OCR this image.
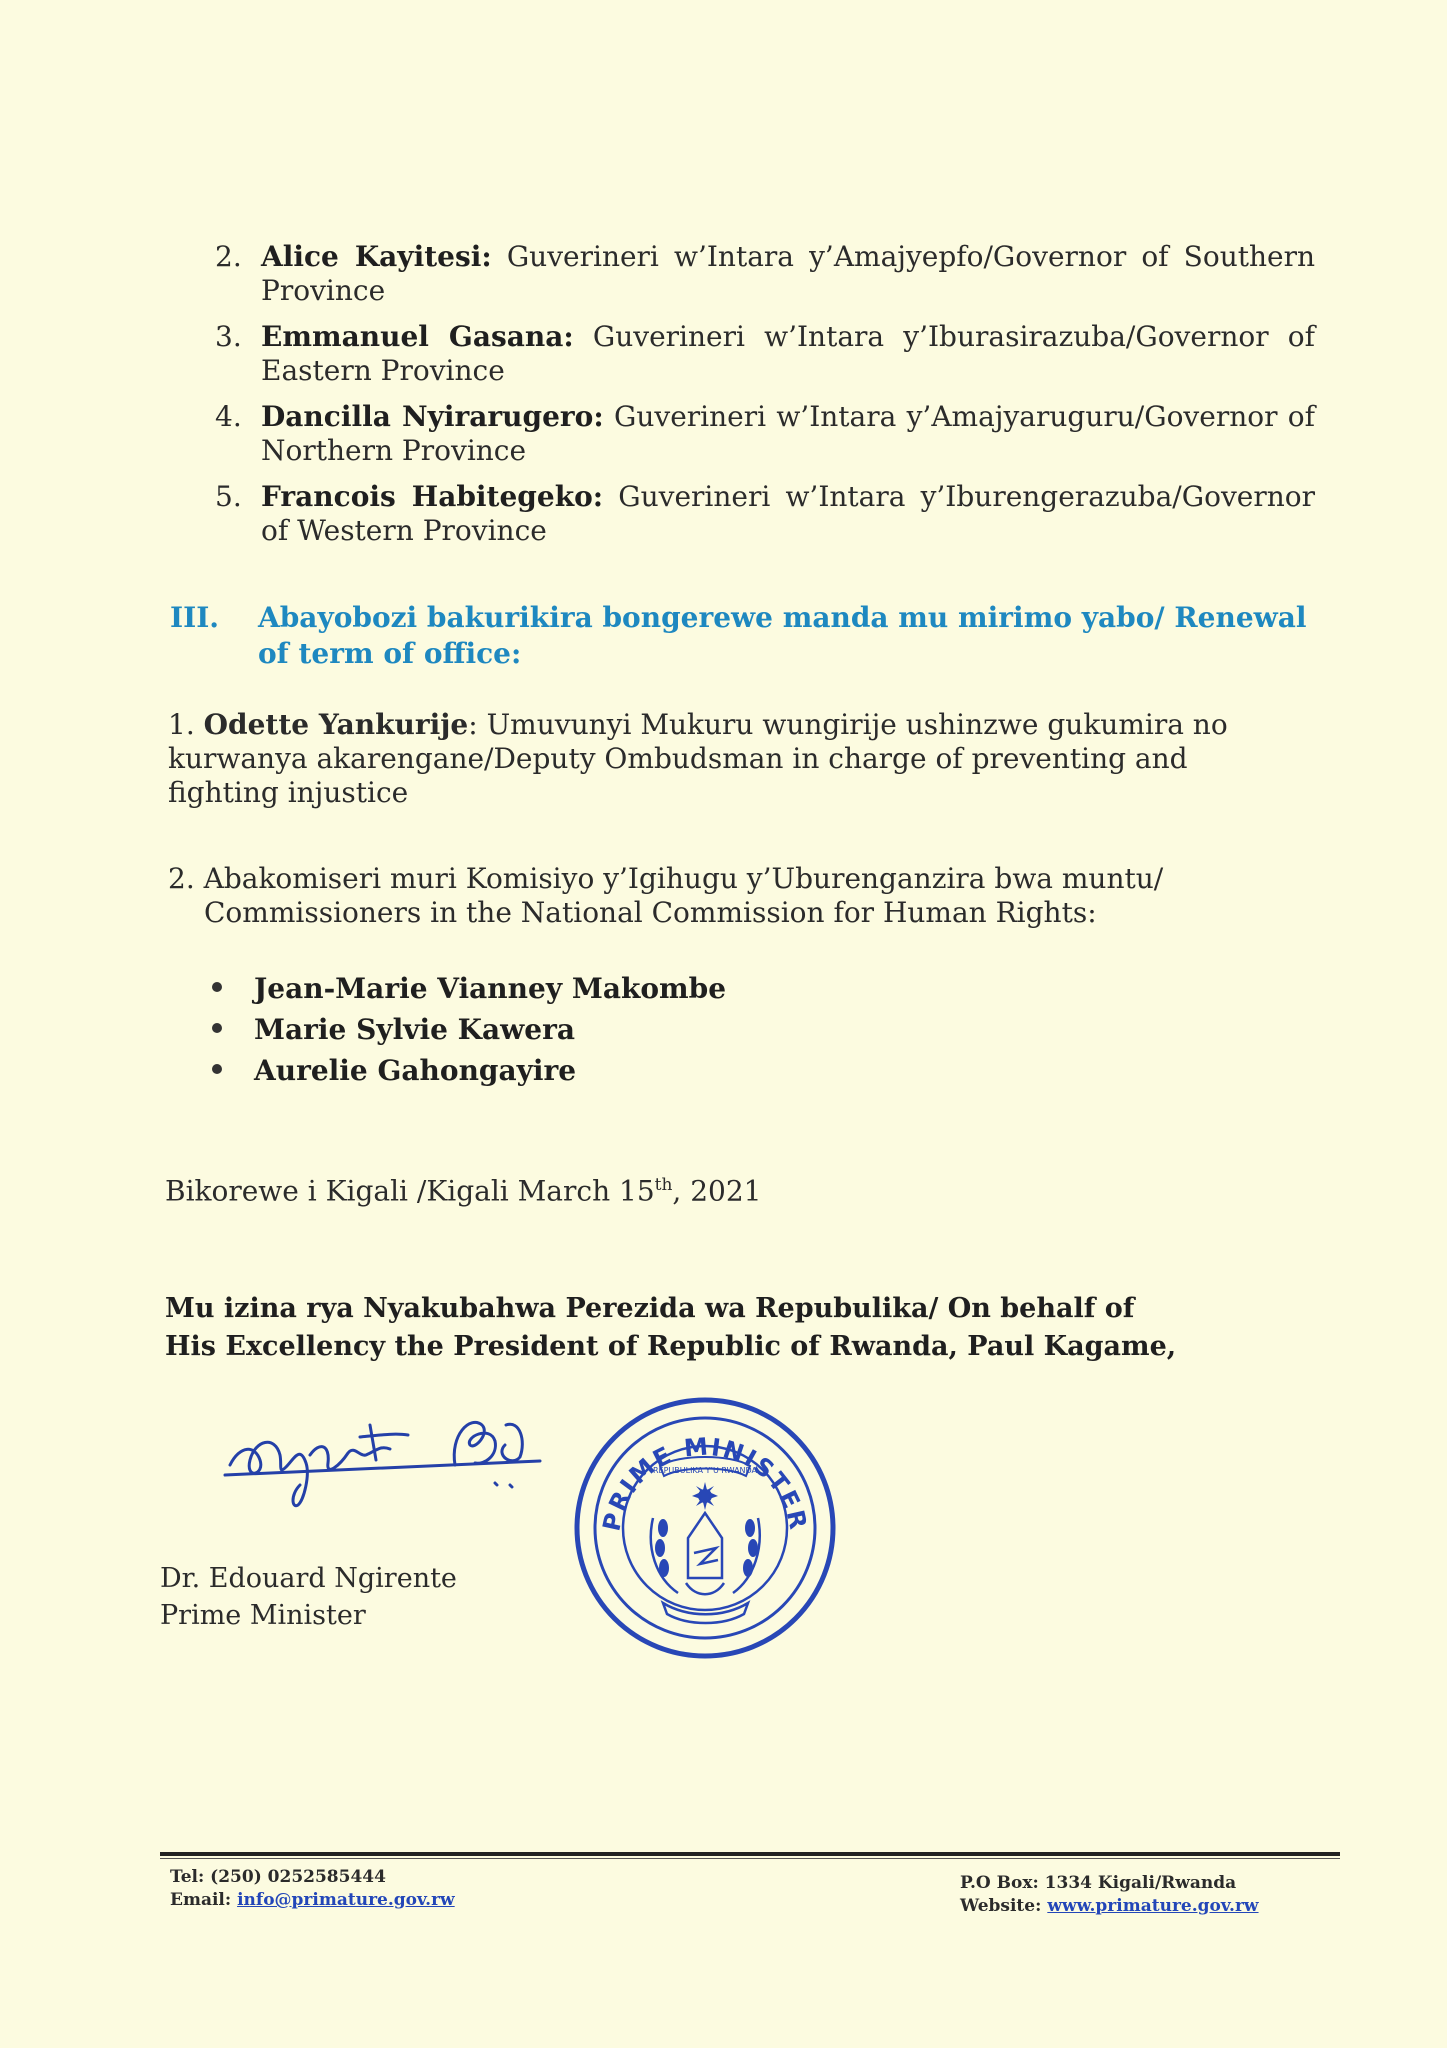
2. Alice Kayitesi: Guverineri w’Intara y’Amajyepfo/Governor of Southern Province
3. Emmanuel Gasana: Guverineri w’Intara y’Iburasirazuba/Governor of Eastern Province
4. Dancilla Nyirarugero: Guverineri w’Intara y’Amajyaruguru/Governor of Northern Province
5. Francois Habitegeko: Guverineri w’Intara y’Iburengerazuba/Governor of Western Province
III. Abayobozi bakurikira bongerewe manda mu mirimo yabo/ Renewal of term of office:
1. Odette Yankurije: Umuvunyi Mukuru wungirije ushinzwe gukumira no kurwanya akarengane/Deputy Ombudsman in charge of preventing and fighting injustice
2. Abakomiseri muri Komisiyo y’Igihugu y’Uburenganzira bwa muntu/
Commissioners in the National Commission for Human Rights:
Jean-Marie Vianney Makombe
Marie Sylvie Kawera
Aurelie Gahongayire
Bikorewe i Kigali /Kigali March 15th, 2021
Mu izina rya Nyakubahwa Perezida wa Repubulika/ On behalf of
His Excellency the President of Republic of Rwanda, Paul Kagame,
PRIME MINISTER
REPUBULIKA Y’U RWANDA
Dr. Edouard Ngirente
Prime Minister
Tel: (250) 0252585444
Email: info@primature.gov.rw
P.O Box: 1334 Kigali/Rwanda
Website: www.primature.gov.rw
